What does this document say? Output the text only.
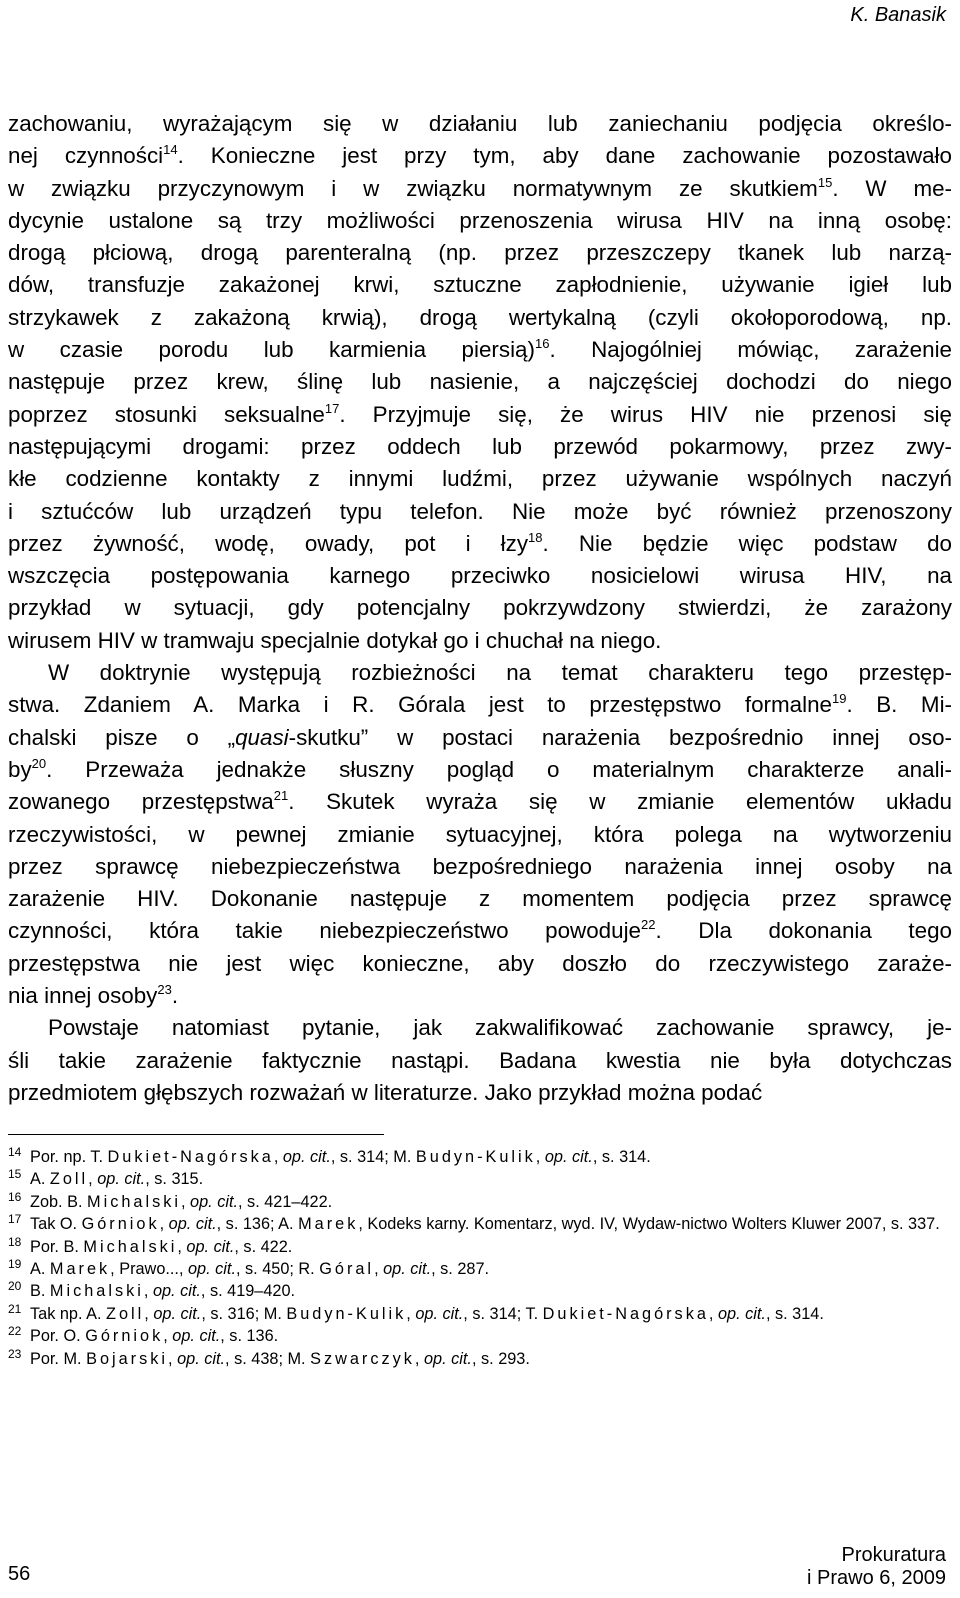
K. Banasik

zachowaniu, wyrażającym się w działaniu lub zaniechaniu podjęcia określo-

nej czynności$^{14}$. Konieczne jest przy tym, aby dane zachowanie pozostawało

w związku przyczynowym i w związku normatywnym ze skutkiem$^{15}$. W me-

dycynie ustalone są trzy możliwości przenoszenia wirusa HIV na inną osobę:

drogą płciową, drogą parenteralną (np. przez przeszczepy tkanek lub narzą-

dów, transfuzje zakażonej krwi, sztuczne zapłodnienie, używanie igieł lub

strzykawek z zakażoną krwią), drogą wertykalną (czyli okołoporodową, np.

w czasie porodu lub karmienia piersią)$^{16}$. Najogólniej mówiąc, zarażenie

następuje przez krew, ślinę lub nasienie, a najczęściej dochodzi do niego

poprzez stosunki seksualne$^{17}$. Przyjmuje się, że wirus HIV nie przenosi się

następującymi drogami: przez oddech lub przewód pokarmowy, przez zwy-

kłe codzienne kontakty z innymi ludźmi, przez używanie wspólnych naczyń

i sztućców lub urządzeń typu telefon. Nie może być również przenoszony

przez żywność, wodę, owady, pot i łzy$^{18}$. Nie będzie więc podstaw do

wszczęcia postępowania karnego przeciwko nosicielowi wirusa HIV, na

przykład w sytuacji, gdy potencjalny pokrzywdzony stwierdzi, że zarażony

wirusem HIV w tramwaju specjalnie dotykał go i chuchał na niego.

W doktrynie występują rozbieżności na temat charakteru tego przestęp-

stwa. Zdaniem A. Marka i R. Górala jest to przestępstwo formalne$^{19}$. B. Mi-

chalski pisze o „quasi-skutku” w postaci narażenia bezpośrednio innej oso-

$by^{20}$. Przeważa jednakże słuszny pogląd o materialnym charakterze anali-

zowanego przestępstwa$^{21}$. Skutek wyraża się w zmianie elementów układu

rzeczywistości, w pewnej zmianie sytuacyjnej, która polega na wytworzeniu

przez sprawcę niebezpieczeństwa bezpośredniego narażenia innej osoby na

zarażenie HIV. Dokonanie następuje z momentem podjęcia przez sprawcę

czynności, która takie niebezpieczeństwo powoduje$^{22}$. Dla dokonania tego

przestępstwa nie jest więc konieczne, aby doszło do rzeczywistego zaraże-

nia innej osoby$^{23}$.

Powstaje natomiast pytanie, jak zakwalifikować zachowanie sprawcy, je-

śli takie zarażenie faktycznie nastąpi. Badana kwestia nie była dotychczas

przedmiotem głębszych rozważań w literaturze. Jako przykład można podać

14 Por. np. T. Dukiet-Nagórska, op. cit., s. 314; M. Budyn-Kulik, op. cit., s. 314.
15 A. Zoll, op. cit., s. 315.
16 Zob. B. Michalski, op. cit., s. 421–422.
17 Tak O. Górniok, op. cit., s. 136; A. Marek, Kodeks karny. Komentarz, wyd. IV, Wydaw-nictwo Wolters Kluwer 2007, s. 337.
18 Por. B. Michalski, op. cit., s. 422.
19 A. Marek, Prawo..., op. cit., s. 450; R. Góral, op. cit., s. 287.
20 B. Michalski, op. cit., s. 419–420.
21 Tak np. A. Zoll, op. cit., s. 316; M. Budyn-Kulik, op. cit., s. 314; T. Dukiet-Nagórska, op. cit., s. 314.
22 Por. O. Górniok, op. cit., s. 136.
23 Por. M. Bojarski, op. cit., s. 438; M. Szwarczyk, op. cit., s. 293.
56
Prokuratura
i Prawo 6, 2009
